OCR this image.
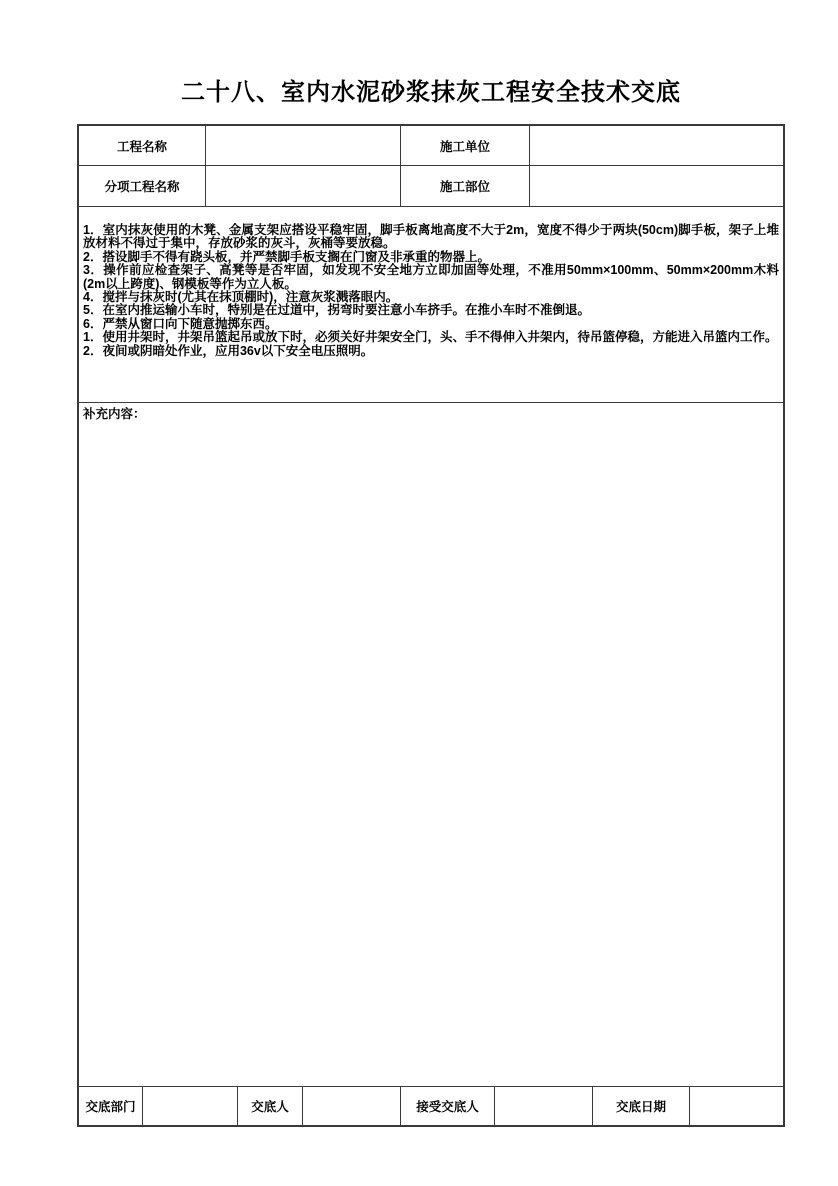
二十八、室内水泥砂浆抹灰工程安全技术交底
工程名称	施工单位
分项工程名称	施工部位

1．室内抹灰使用的木凳、金属支架应搭设平稳牢固，脚手板离地高度不大于2m，宽度不得少于两块(50cm)脚手板，架子上堆放材料不得过于集中，存放砂浆的灰斗，灰桶等要放稳。

2．搭设脚手不得有跷头板，并严禁脚手板支搁在门窗及非承重的物器上。

3．操作前应检查架子、高凳等是否牢固，如发现不安全地方立即加固等处理，不准用50mm×100mm、50mm×200mm木料(2m以上跨度)、钢模板等作为立人板。

4．搅拌与抹灰时(尤其在抹顶棚时)，注意灰浆溅落眼内。

5．在室内推运输小车时，特别是在过道中，拐弯时要注意小车挤手。在推小车时不准倒退。

6．严禁从窗口向下随意抛掷东西。

1．使用井架时，井架吊篮起吊或放下时，必须关好井架安全门，头、手不得伸入井架内，待吊篮停稳，方能进入吊篮内工作。

2．夜间或阴暗处作业，应用36v以下安全电压照明。

补充内容：
交底部门	交底人	接受交底人	交底日期
